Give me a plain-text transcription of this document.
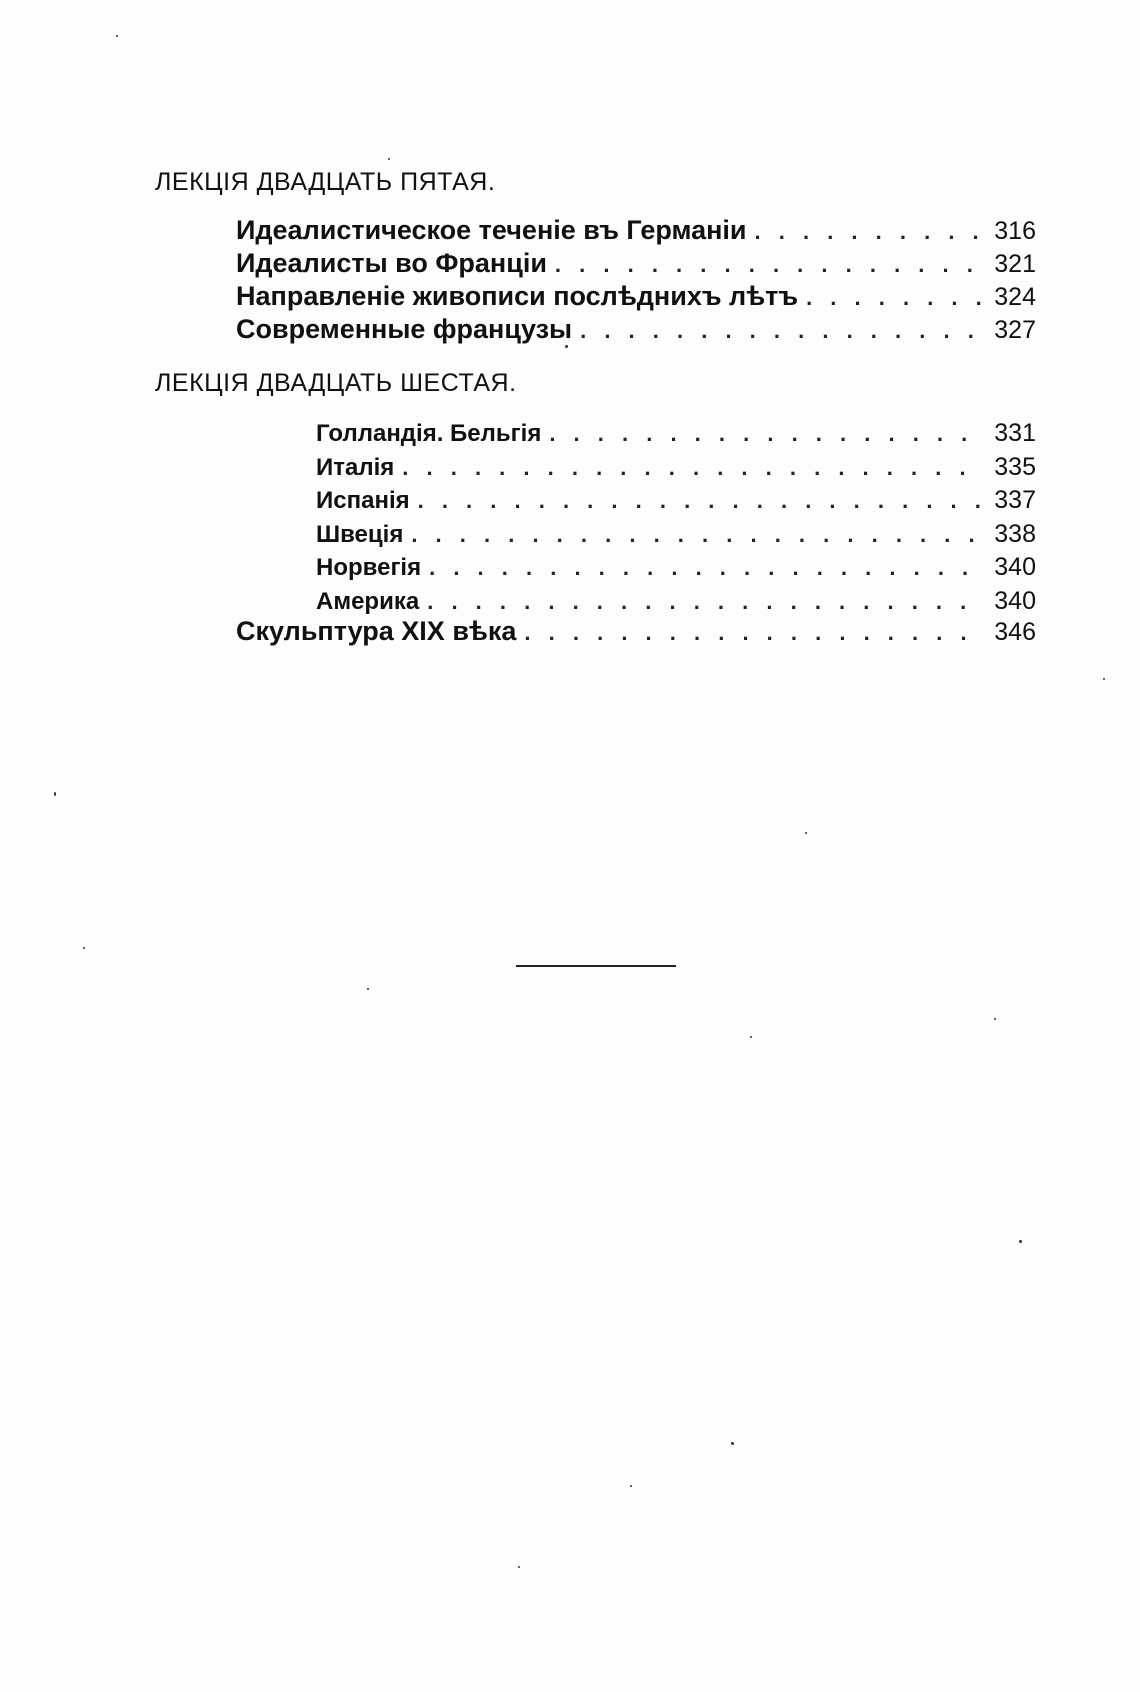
ЛЕКЦІЯ ДВАДЦАТЬ ПЯТАЯ.
Идеалистическое теченіе въ Германіи . . .	316
Идеалисты во Франціи . . .	321
Направленіе живописи послѣднихъ лѣтъ . . .	324
Современные французы . . .	327
ЛЕКЦІЯ ДВАДЦАТЬ ШЕСТАЯ.
Голландія. Бельгія . . .	331
Италія . . .	335
Испанія . . .	337
Швеція . . .	338
Норвегія . . .	340
Америка . . .	340
Скульптура XIX вѣка . . .	346
